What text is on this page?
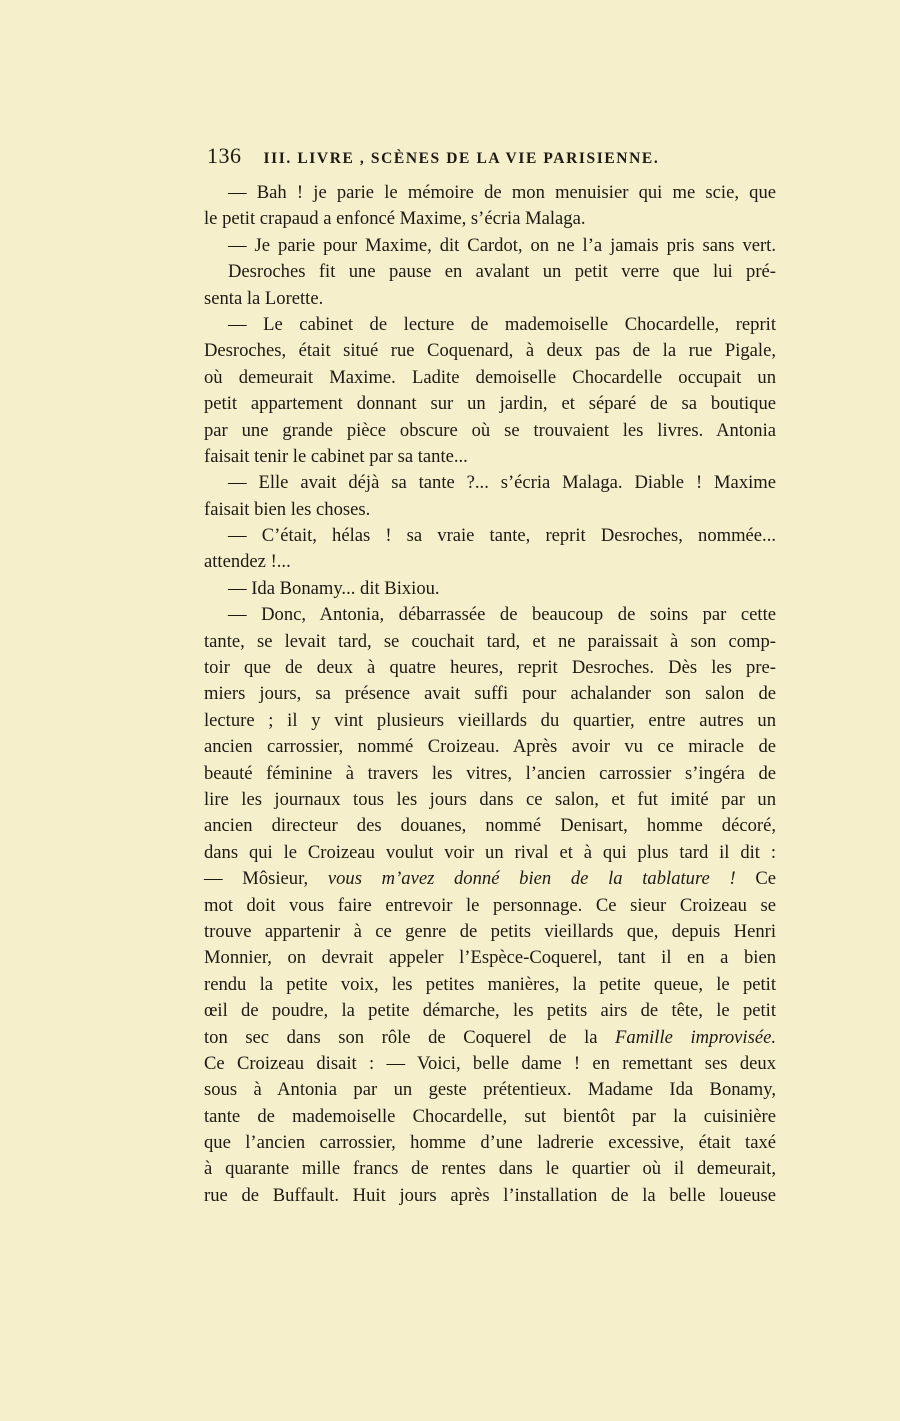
136 III. LIVRE , SCÈNES DE LA VIE PARISIENNE.
— Bah ! je parie le mémoire de mon menuisier qui me scie, que
le petit crapaud a enfoncé Maxime, s’écria Malaga.
— Je parie pour Maxime, dit Cardot, on ne l’a jamais pris sans vert.
Desroches fit une pause en avalant un petit verre que lui pré-
senta la Lorette.
— Le cabinet de lecture de mademoiselle Chocardelle, reprit
Desroches, était situé rue Coquenard, à deux pas de la rue Pigale,
où demeurait Maxime. Ladite demoiselle Chocardelle occupait un
petit appartement donnant sur un jardin, et séparé de sa boutique
par une grande pièce obscure où se trouvaient les livres. Antonia
faisait tenir le cabinet par sa tante...
— Elle avait déjà sa tante ?... s’écria Malaga. Diable ! Maxime
faisait bien les choses.
— C’était, hélas ! sa vraie tante, reprit Desroches, nommée...
attendez !...
— Ida Bonamy... dit Bixiou.
— Donc, Antonia, débarrassée de beaucoup de soins par cette
tante, se levait tard, se couchait tard, et ne paraissait à son comp-
toir que de deux à quatre heures, reprit Desroches. Dès les pre-
miers jours, sa présence avait suffi pour achalander son salon de
lecture ; il y vint plusieurs vieillards du quartier, entre autres un
ancien carrossier, nommé Croizeau. Après avoir vu ce miracle de
beauté féminine à travers les vitres, l’ancien carrossier s’ingéra de
lire les journaux tous les jours dans ce salon, et fut imité par un
ancien directeur des douanes, nommé Denisart, homme décoré,
dans qui le Croizeau voulut voir un rival et à qui plus tard il dit :
— Môsieur, vous m’avez donné bien de la tablature ! Ce
mot doit vous faire entrevoir le personnage. Ce sieur Croizeau se
trouve appartenir à ce genre de petits vieillards que, depuis Henri
Monnier, on devrait appeler l’Espèce-Coquerel, tant il en a bien
rendu la petite voix, les petites manières, la petite queue, le petit
œil de poudre, la petite démarche, les petits airs de tête, le petit
ton sec dans son rôle de Coquerel de la Famille improvisée.
Ce Croizeau disait : — Voici, belle dame ! en remettant ses deux
sous à Antonia par un geste prétentieux. Madame Ida Bonamy,
tante de mademoiselle Chocardelle, sut bientôt par la cuisinière
que l’ancien carrossier, homme d’une ladrerie excessive, était taxé
à quarante mille francs de rentes dans le quartier où il demeurait,
rue de Buffault. Huit jours après l’installation de la belle loueuse
